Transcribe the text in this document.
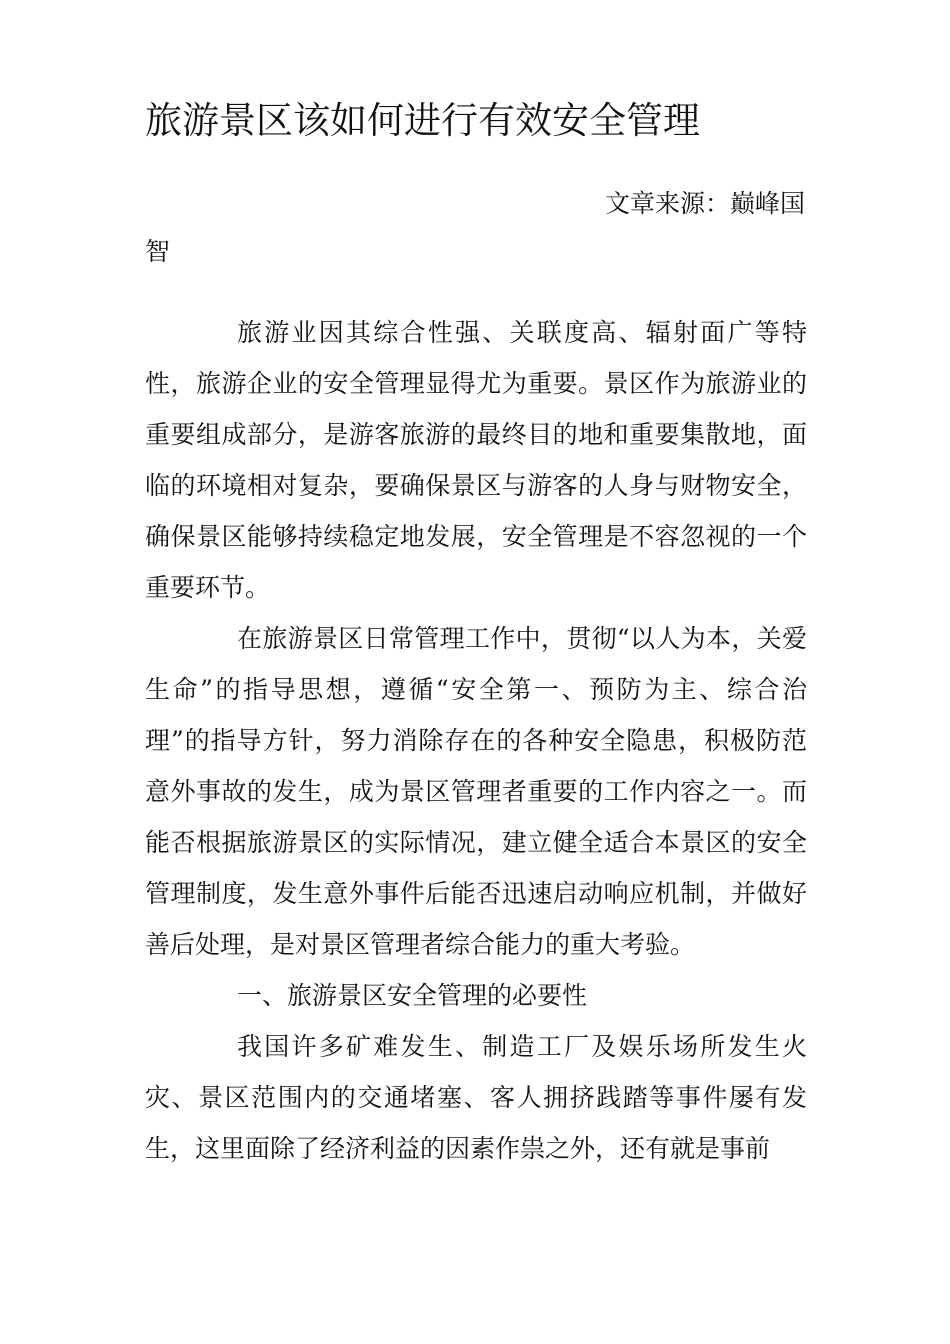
旅游景区该如何进行有效安全管理
文章来源：巅峰国
智

旅游业因其综合性强、关联度高、辐射面广等特性，旅游企业的安全管理显得尤为重要。景区作为旅游业的重要组成部分，是游客旅游的最终目的地和重要集散地，面临的环境相对复杂，要确保景区与游客的人身与财物安全，确保景区能够持续稳定地发展，安全管理是不容忽视的一个重要环节。

在旅游景区日常管理工作中，贯彻“以人为本，关爱生命”的指导思想，遵循“安全第一、预防为主、综合治理”的指导方针，努力消除存在的各种安全隐患，积极防范意外事故的发生，成为景区管理者重要的工作内容之一。而能否根据旅游景区的实际情况，建立健全适合本景区的安全管理制度，发生意外事件后能否迅速启动响应机制，并做好善后处理，是对景区管理者综合能力的重大考验。

一、旅游景区安全管理的必要性

我国许多矿难发生、制造工厂及娱乐场所发生火灾、景区范围内的交通堵塞、客人拥挤践踏等事件屡有发生，这里面除了经济利益的因素作祟之外，还有就是事前
